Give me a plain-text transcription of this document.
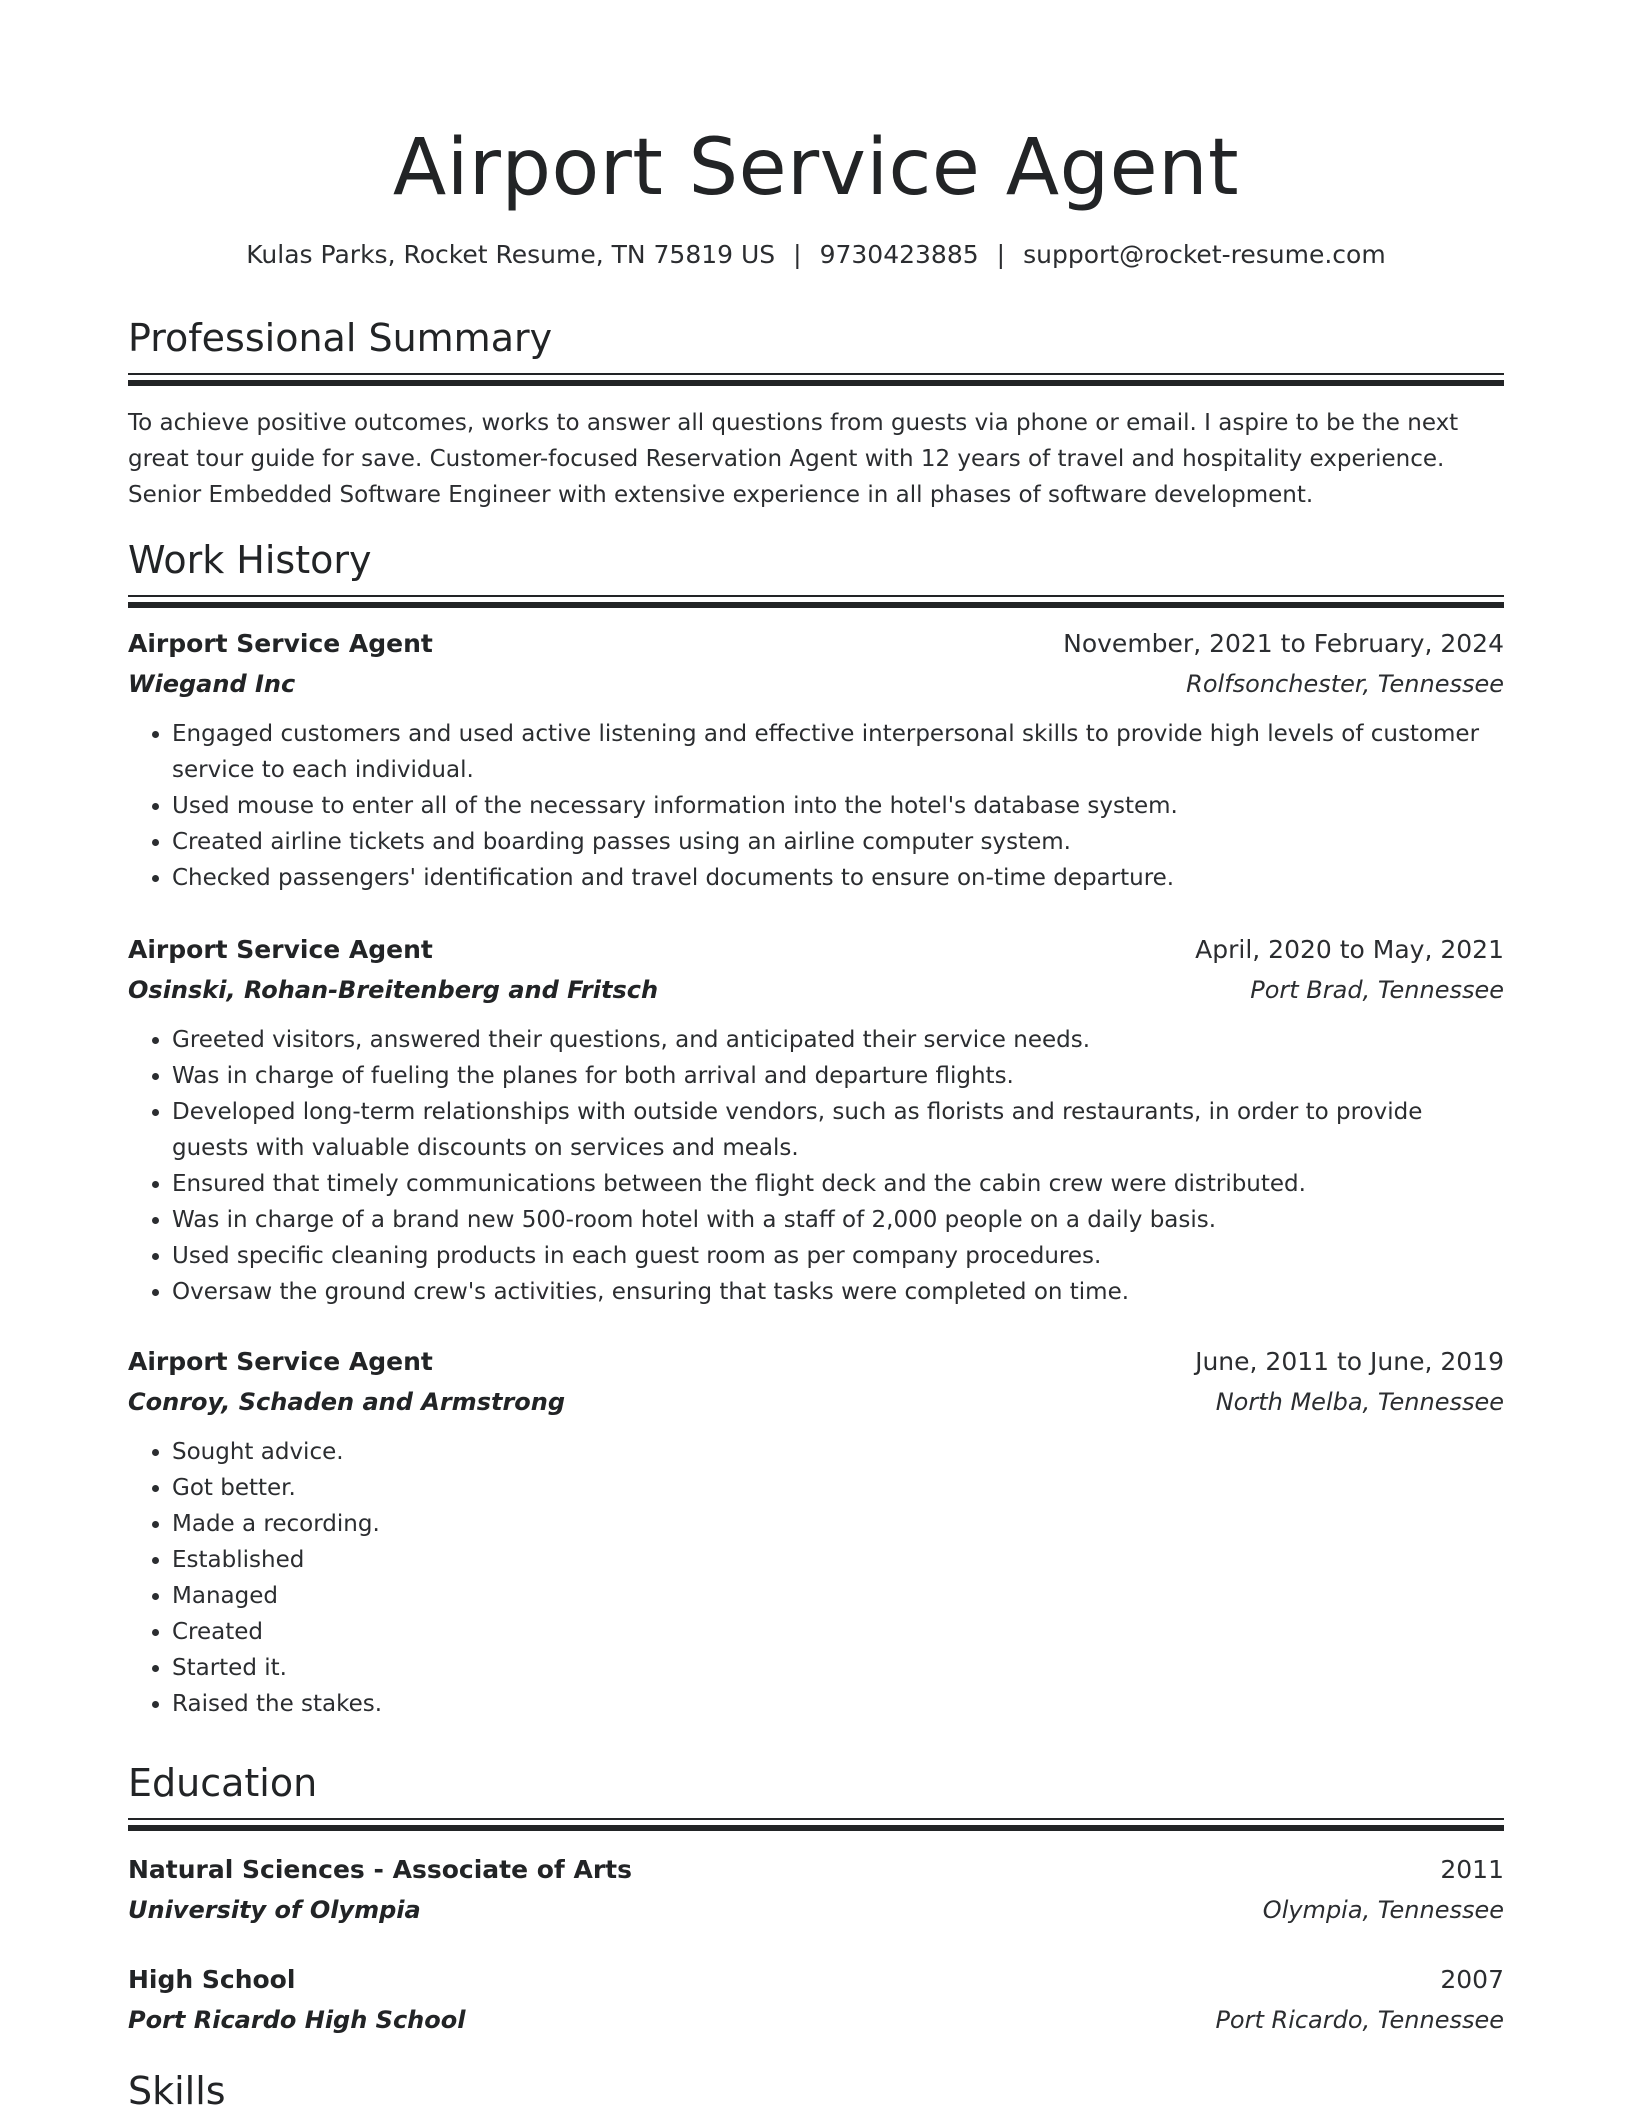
Airport Service Agent
Kulas Parks, Rocket Resume, TN 75819 US | 9730423885 | support@rocket-resume.com
Professional Summary
To achieve positive outcomes, works to answer all questions from guests via phone or email. I aspire to be the next great tour guide for save. Customer-focused Reservation Agent with 12 years of travel and hospitality experience. Senior Embedded Software Engineer with extensive experience in all phases of software development.
Work History
Airport Service Agent	November, 2021 to February, 2024
Wiegand Inc	Rolfsonchester, Tennessee
• Engaged customers and used active listening and effective interpersonal skills to provide high levels of customer service to each individual.
• Used mouse to enter all of the necessary information into the hotel's database system.
• Created airline tickets and boarding passes using an airline computer system.
• Checked passengers' identification and travel documents to ensure on-time departure.
Airport Service Agent	April, 2020 to May, 2021
Osinski, Rohan-Breitenberg and Fritsch	Port Brad, Tennessee
• Greeted visitors, answered their questions, and anticipated their service needs.
• Was in charge of fueling the planes for both arrival and departure flights.
• Developed long-term relationships with outside vendors, such as florists and restaurants, in order to provide guests with valuable discounts on services and meals.
• Ensured that timely communications between the flight deck and the cabin crew were distributed.
• Was in charge of a brand new 500-room hotel with a staff of 2,000 people on a daily basis.
• Used specific cleaning products in each guest room as per company procedures.
• Oversaw the ground crew's activities, ensuring that tasks were completed on time.
Airport Service Agent	June, 2011 to June, 2019
Conroy, Schaden and Armstrong	North Melba, Tennessee
• Sought advice.
• Got better.
• Made a recording.
• Established
• Managed
• Created
• Started it.
• Raised the stakes.
Education
Natural Sciences - Associate of Arts	2011
University of Olympia	Olympia, Tennessee
High School	2007
Port Ricardo High School	Port Ricardo, Tennessee
Skills
